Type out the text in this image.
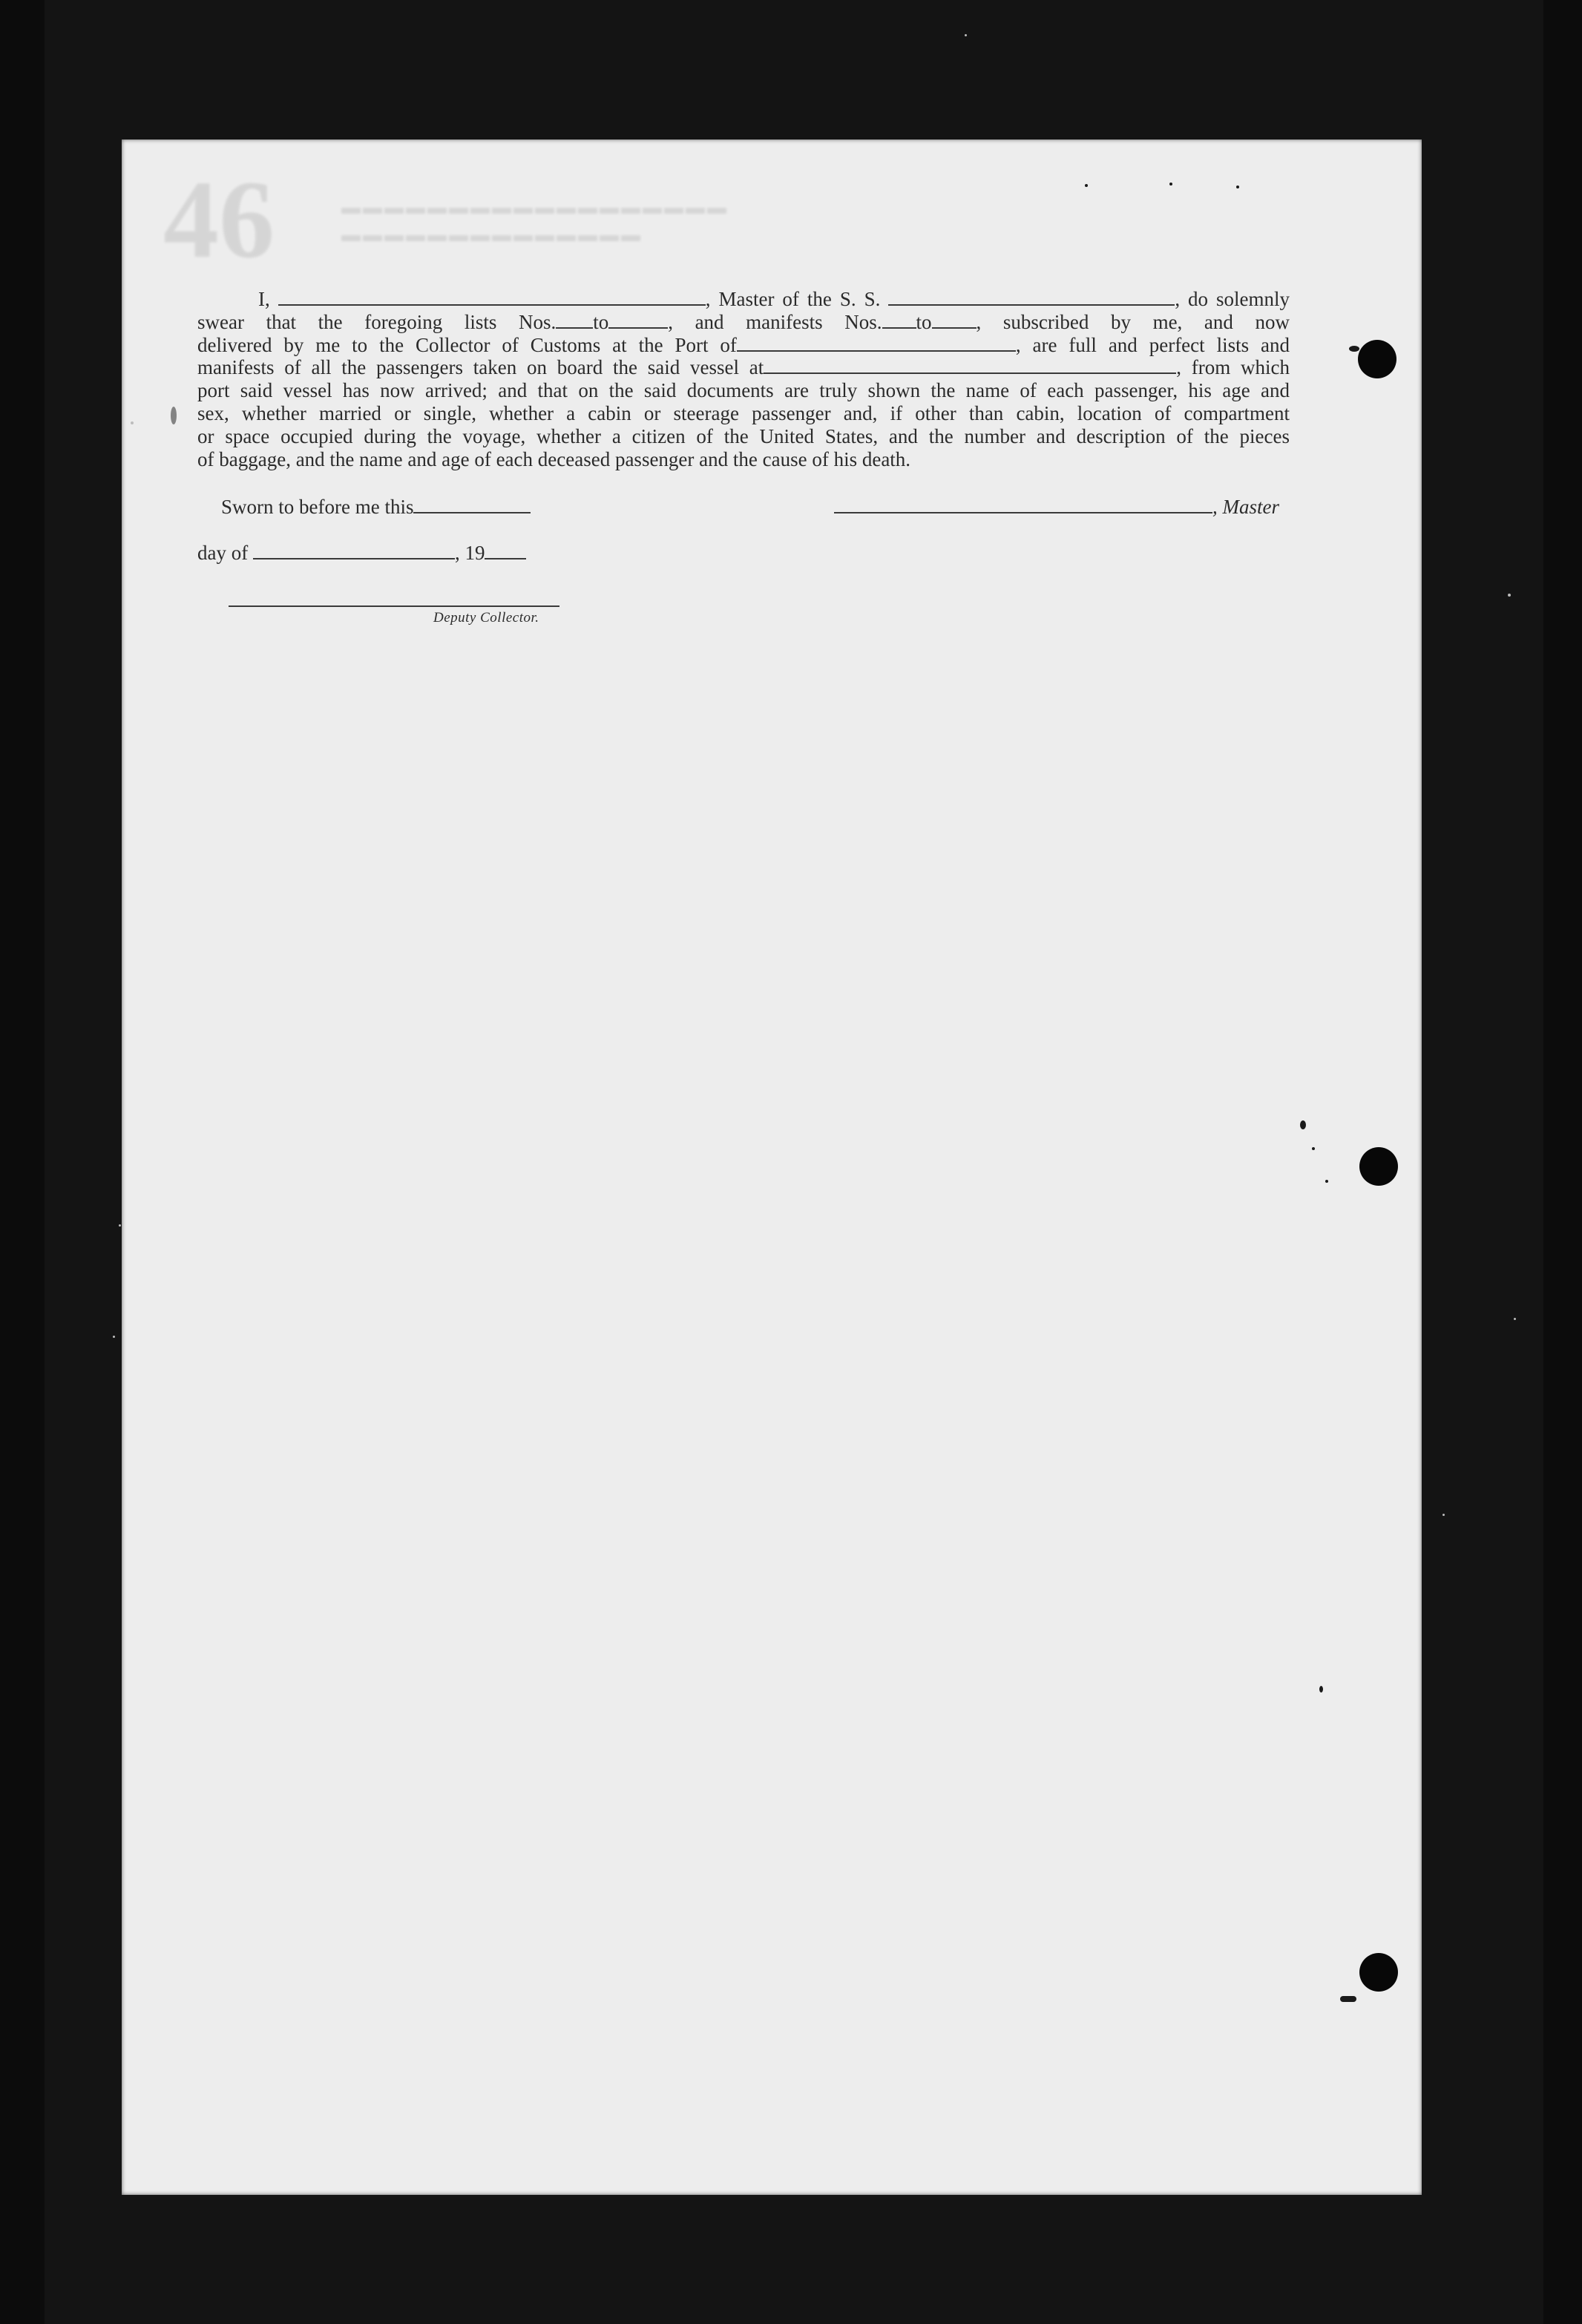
46	▬▬▬▬▬▬▬▬▬▬▬▬▬▬▬▬▬▬
▬▬▬▬▬▬▬▬▬▬▬▬▬▬
I,	, Master of the S. S.	, do solemnly
swear that the foregoing lists Nos. to	, and manifests Nos. to , subscribed by me, and now
delivered by me to the Collector of Customs at the Port of	, are full and perfect lists and
manifests of all the passengers taken on board the said vessel at	, from which
port said vessel has now arrived; and that on the said documents are truly shown the name of each passenger, his age and
sex, whether married or single, whether a cabin or steerage passenger and, if other than cabin, location of compartment
or space occupied during the voyage, whether a citizen of the United States, and the number and description of the pieces
of baggage, and the name and age of each deceased passenger and the cause of his death.
Sworn to before me this	, Master
day of	, 19
Deputy Collector.
